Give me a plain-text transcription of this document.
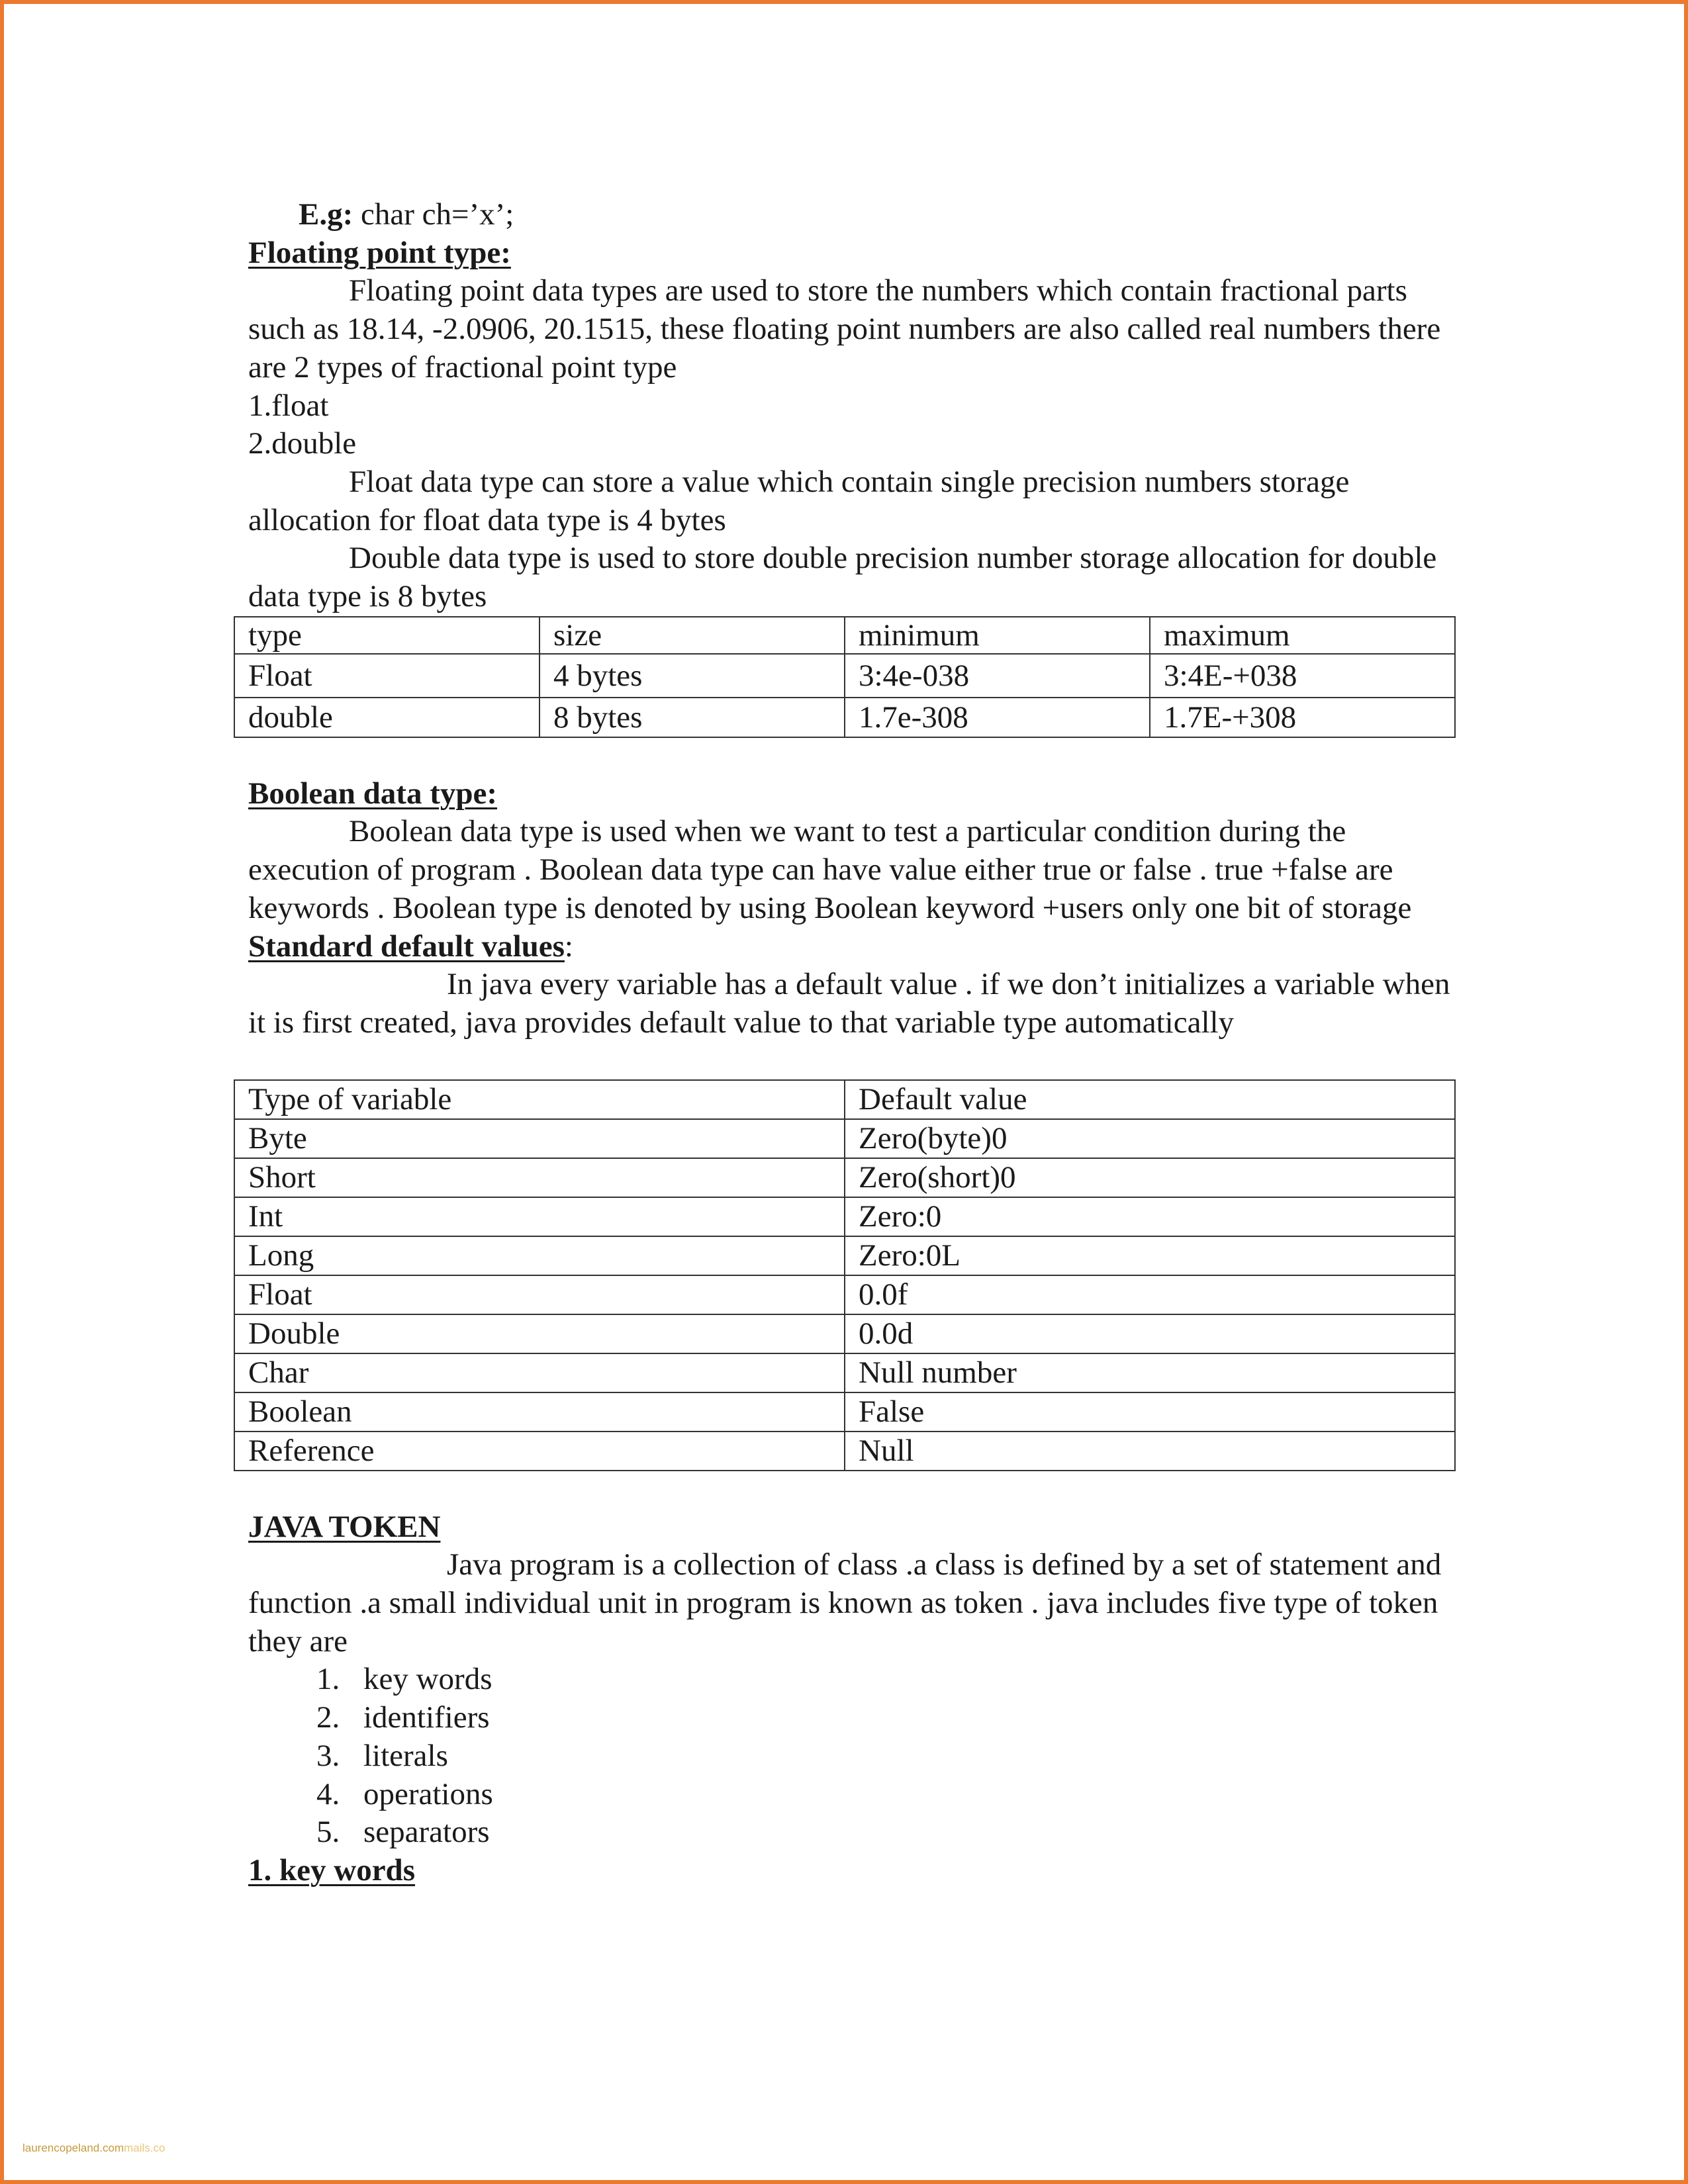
E.g: char ch=’x’;

Floating point type:

Floating point data types are used to store the numbers which contain fractional parts such as 18.14, -2.0906, 20.1515, these floating point numbers are also called real numbers there are 2 types of fractional point type

1.float

2.double

Float data type can store a value which contain single precision numbers storage allocation for float data type is 4 bytes

Double data type is used to store double precision number storage allocation for double data type is 8 bytes

type	size	minimum	maximum
Float	4 bytes	3:4e-038	3:4E-+038
double	8 bytes	1.7e-308	1.7E-+308

Boolean data type:

Boolean data type is used when we want to test a particular condition during the execution of program . Boolean data type can have value either true or false . true +false are keywords . Boolean type is denoted by using Boolean keyword +users only one bit of storage

Standard default values:

In java every variable has a default value . if we don’t initializes a variable when it is first created, java provides default value to that variable type automatically

Type of variable	Default value
Byte	Zero(byte)0
Short	Zero(short)0
Int	Zero:0
Long	Zero:0L
Float	0.0f
Double	0.0d
Char	Null number
Boolean	False
Reference	Null

JAVA TOKEN

Java program is a collection of class .a class is defined by a set of statement and function .a small individual unit in program is known as token . java includes five type of token they are

1. key words
2. identifiers
3. literals
4. operations
5. separators

1. key words

laurencopeland.commails.co
